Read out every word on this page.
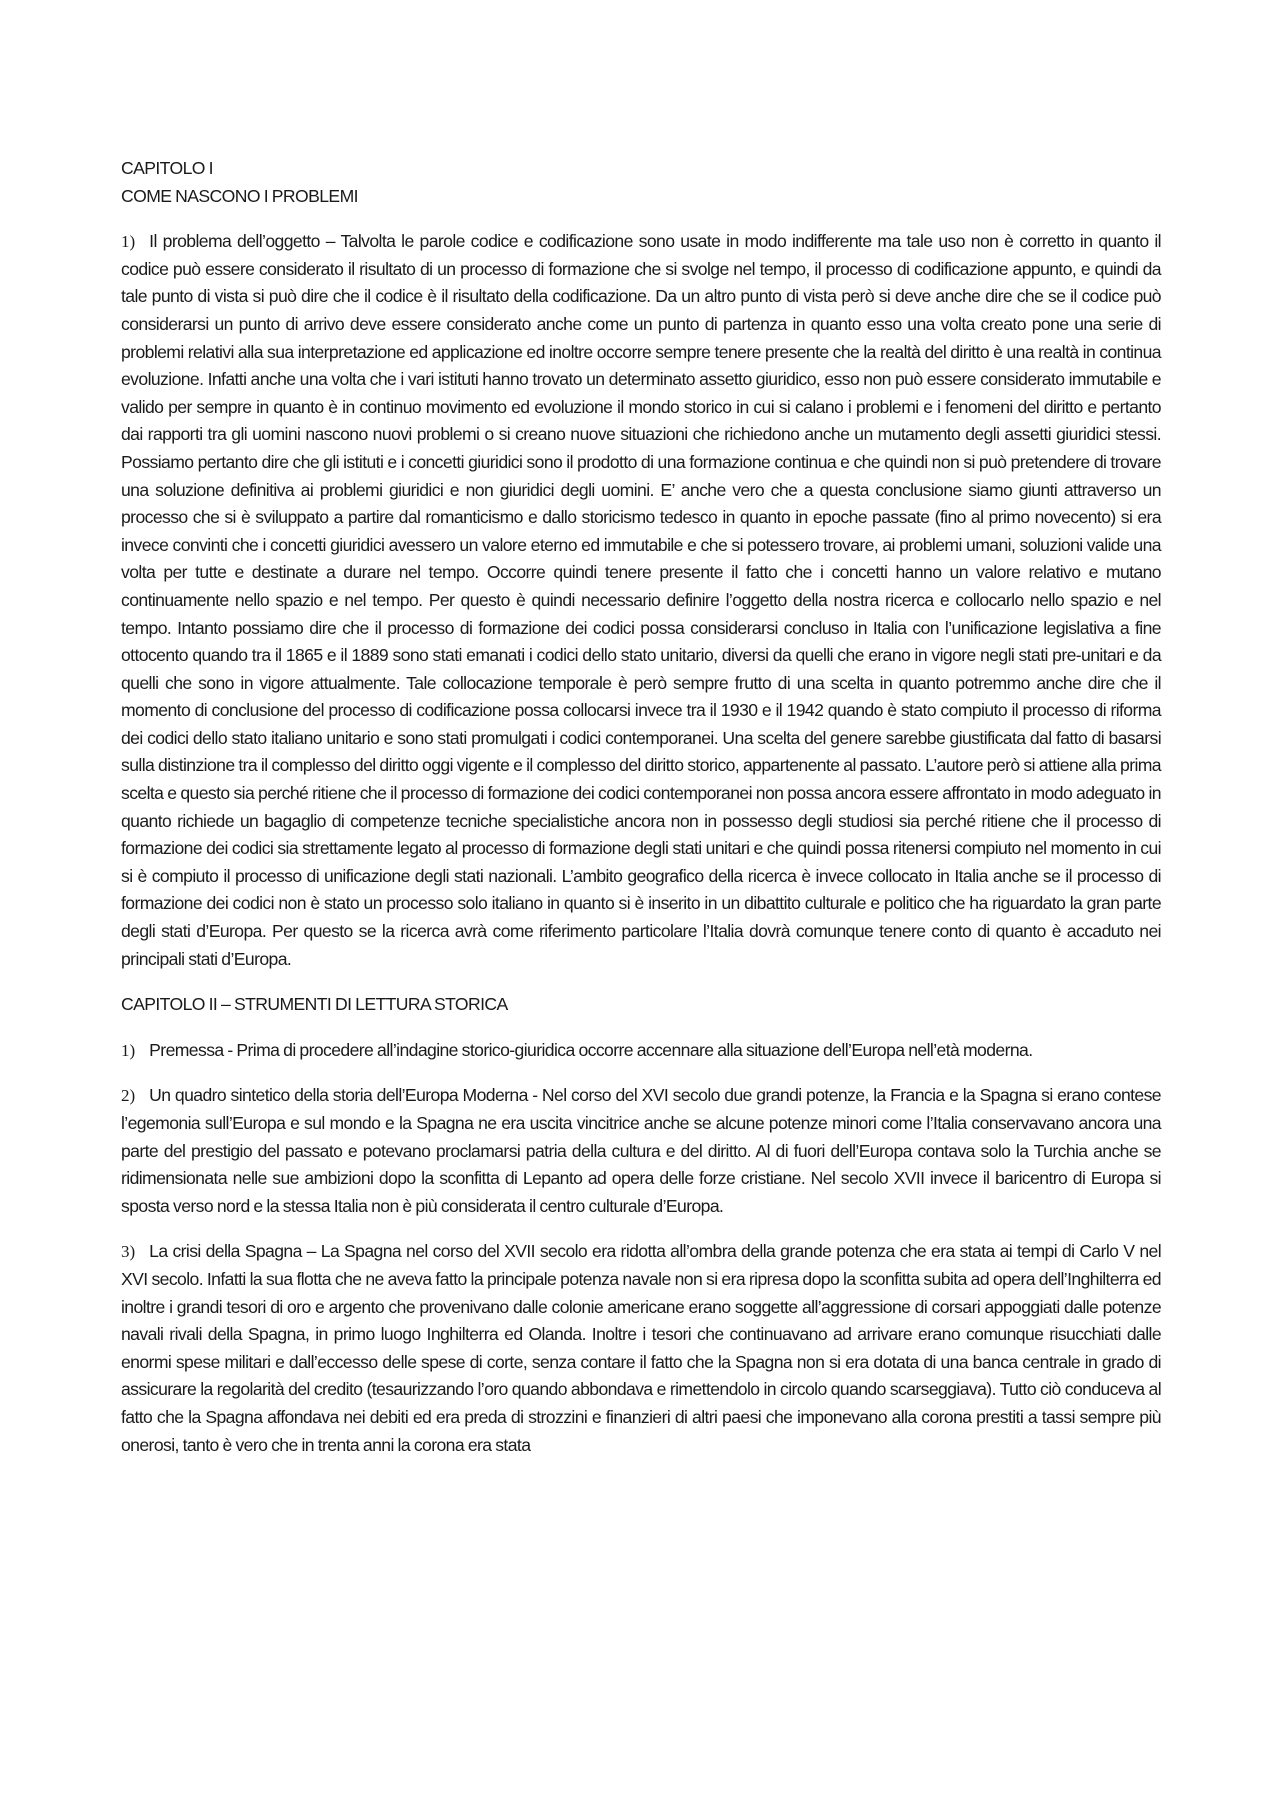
CAPITOLO I
COME NASCONO I PROBLEMI

1) Il problema dell’oggetto – Talvolta le parole codice e codificazione sono usate in modo indifferente ma tale uso non è corretto in quanto il codice può essere considerato il risultato di un processo di formazione che si svolge nel tempo, il processo di codificazione appunto, e quindi da tale punto di vista si può dire che il codice è il risultato della codificazione. Da un altro punto di vista però si deve anche dire che se il codice può considerarsi un punto di arrivo deve essere considerato anche come un punto di partenza in quanto esso una volta creato pone una serie di problemi relativi alla sua interpretazione ed applicazione ed inoltre occorre sempre tenere presente che la realtà del diritto è una realtà in continua evoluzione. Infatti anche una volta che i vari istituti hanno trovato un determinato assetto giuridico, esso non può essere considerato immutabile e valido per sempre in quanto è in continuo movimento ed evoluzione il mondo storico in cui si calano i problemi e i fenomeni del diritto e pertanto dai rapporti tra gli uomini nascono nuovi problemi o si creano nuove situazioni che richiedono anche un mutamento degli assetti giuridici stessi. Possiamo pertanto dire che gli istituti e i concetti giuridici sono il prodotto di una formazione continua e che quindi non si può pretendere di trovare una soluzione definitiva ai problemi giuridici e non giuridici degli uomini. E’ anche vero che a questa conclusione siamo giunti attraverso un processo che si è sviluppato a partire dal romanticismo e dallo storicismo tedesco in quanto in epoche passate (fino al primo novecento) si era invece convinti che i concetti giuridici avessero un valore eterno ed immutabile e che si potessero trovare, ai problemi umani, soluzioni valide una volta per tutte e destinate a durare nel tempo. Occorre quindi tenere presente il fatto che i concetti hanno un valore relativo e mutano continuamente nello spazio e nel tempo. Per questo è quindi necessario definire l’oggetto della nostra ricerca e collocarlo nello spazio e nel tempo. Intanto possiamo dire che il processo di formazione dei codici possa considerarsi concluso in Italia con l’unificazione legislativa a fine ottocento quando tra il 1865 e il 1889 sono stati emanati i codici dello stato unitario, diversi da quelli che erano in vigore negli stati pre-unitari e da quelli che sono in vigore attualmente. Tale collocazione temporale è però sempre frutto di una scelta in quanto potremmo anche dire che il momento di conclusione del processo di codificazione possa collocarsi invece tra il 1930 e il 1942 quando è stato compiuto il processo di riforma dei codici dello stato italiano unitario e sono stati promulgati i codici contemporanei. Una scelta del genere sarebbe giustificata dal fatto di basarsi sulla distinzione tra il complesso del diritto oggi vigente e il complesso del diritto storico, appartenente al passato. L’autore però si attiene alla prima scelta e questo sia perché ritiene che il processo di formazione dei codici contemporanei non possa ancora essere affrontato in modo adeguato in quanto richiede un bagaglio di competenze tecniche specialistiche ancora non in possesso degli studiosi sia perché ritiene che il processo di formazione dei codici sia strettamente legato al processo di formazione degli stati unitari e che quindi possa ritenersi compiuto nel momento in cui si è compiuto il processo di unificazione degli stati nazionali. L’ambito geografico della ricerca è invece collocato in Italia anche se il processo di formazione dei codici non è stato un processo solo italiano in quanto si è inserito in un dibattito culturale e politico che ha riguardato la gran parte degli stati d’Europa. Per questo se la ricerca avrà come riferimento particolare l’Italia dovrà comunque tenere conto di quanto è accaduto nei principali stati d’Europa.

CAPITOLO II – STRUMENTI DI LETTURA STORICA

1) Premessa - Prima di procedere all’indagine storico-giuridica occorre accennare alla situazione dell’Europa nell’età moderna.

2) Un quadro sintetico della storia dell’Europa Moderna - Nel corso del XVI secolo due grandi potenze, la Francia e la Spagna si erano contese l’egemonia sull’Europa e sul mondo e la Spagna ne era uscita vincitrice anche se alcune potenze minori come l’Italia conservavano ancora una parte del prestigio del passato e potevano proclamarsi patria della cultura e del diritto. Al di fuori dell’Europa contava solo la Turchia anche se ridimensionata nelle sue ambizioni dopo la sconfitta di Lepanto ad opera delle forze cristiane. Nel secolo XVII invece il baricentro di Europa si sposta verso nord e la stessa Italia non è più considerata il centro culturale d’Europa.

3) La crisi della Spagna – La Spagna nel corso del XVII secolo era ridotta all’ombra della grande potenza che era stata ai tempi di Carlo V nel XVI secolo. Infatti la sua flotta che ne aveva fatto la principale potenza navale non si era ripresa dopo la sconfitta subita ad opera dell’Inghilterra ed inoltre i grandi tesori di oro e argento che provenivano dalle colonie americane erano soggette all’aggressione di corsari appoggiati dalle potenze navali rivali della Spagna, in primo luogo Inghilterra ed Olanda. Inoltre i tesori che continuavano ad arrivare erano comunque risucchiati dalle enormi spese militari e dall’eccesso delle spese di corte, senza contare il fatto che la Spagna non si era dotata di una banca centrale in grado di assicurare la regolarità del credito (tesaurizzando l’oro quando abbondava e rimettendolo in circolo quando scarseggiava). Tutto ciò conduceva al fatto che la Spagna affondava nei debiti ed era preda di strozzini e finanzieri di altri paesi che imponevano alla corona prestiti a tassi sempre più onerosi, tanto è vero che in trenta anni la corona era stata
